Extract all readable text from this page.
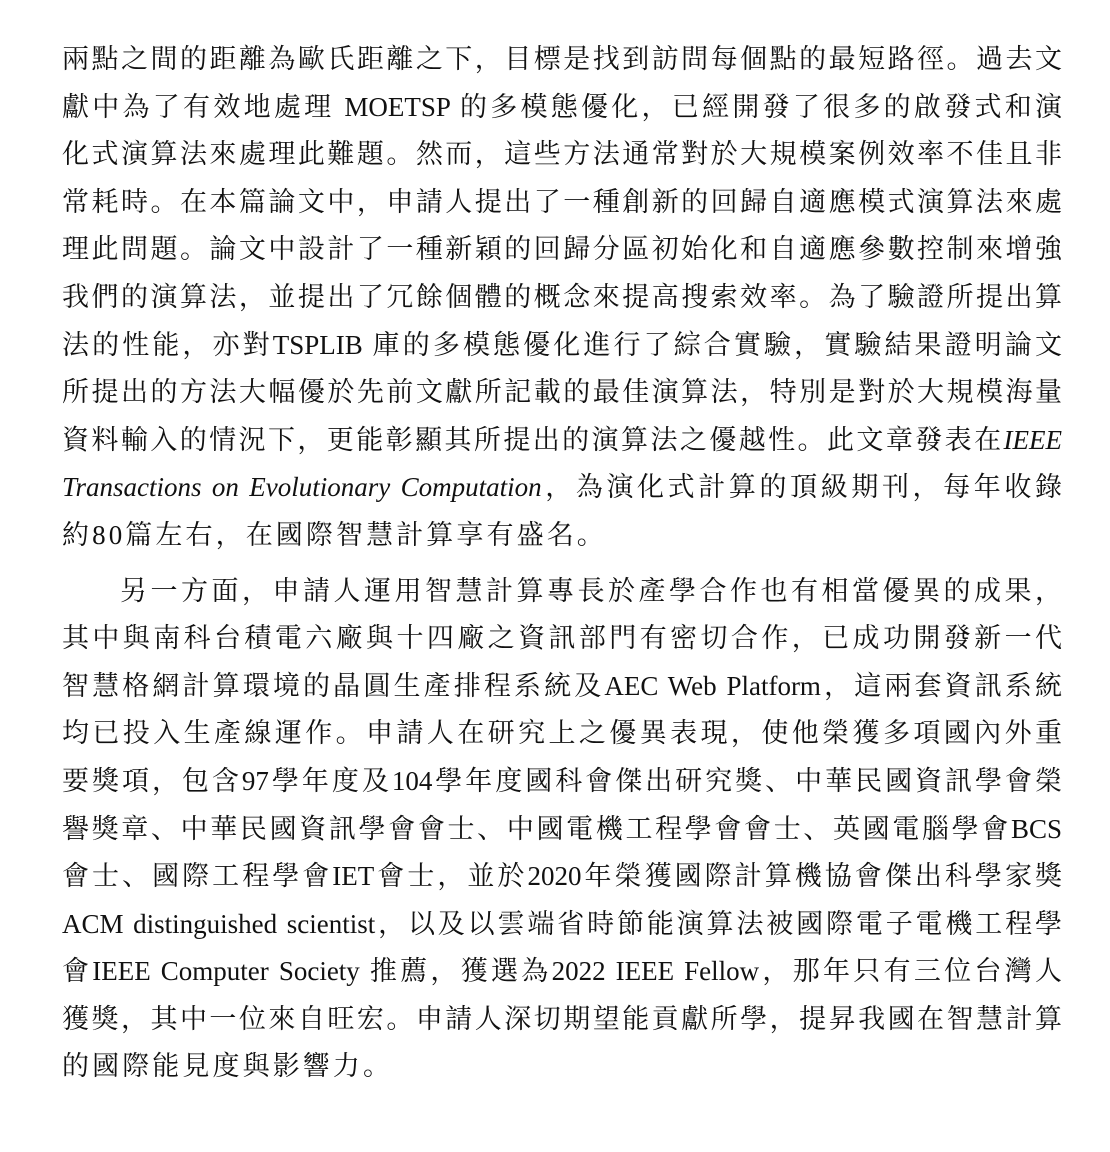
兩點之間的距離為歐氏距離之下，目標是找到訪問每個點的最短路徑。過去文
獻中為了有效地處理 MOETSP 的多模態優化，已經開發了很多的啟發式和演
化式演算法來處理此難題。然而，這些方法通常對於大規模案例效率不佳且非
常耗時。在本篇論文中，申請人提出了一種創新的回歸自適應模式演算法來處
理此問題。論文中設計了一種新穎的回歸分區初始化和自適應參數控制來增強
我們的演算法，並提出了冗餘個體的概念來提高搜索效率。為了驗證所提出算
法的性能，亦對TSPLIB 庫的多模態優化進行了綜合實驗，實驗結果證明論文
所提出的方法大幅優於先前文獻所記載的最佳演算法，特別是對於大規模海量
資料輸入的情況下，更能彰顯其所提出的演算法之優越性。此文章發表在IEEE
Transactions on Evolutionary Computation，為演化式計算的頂級期刊，每年收錄
約80篇左右，在國際智慧計算享有盛名。
另一方面，申請人運用智慧計算專長於產學合作也有相當優異的成果，
其中與南科台積電六廠與十四廠之資訊部門有密切合作，已成功開發新一代
智慧格網計算環境的晶圓生產排程系統及AEC Web Platform，這兩套資訊系統
均已投入生產線運作。申請人在研究上之優異表現，使他榮獲多項國內外重
要獎項，包含97學年度及104學年度國科會傑出研究獎、中華民國資訊學會榮
譽獎章、中華民國資訊學會會士、中國電機工程學會會士、英國電腦學會BCS
會士、國際工程學會IET會士，並於2020年榮獲國際計算機協會傑出科學家獎
ACM distinguished scientist，以及以雲端省時節能演算法被國際電子電機工程學
會IEEE Computer Society 推薦，獲選為2022 IEEE Fellow，那年只有三位台灣人
獲獎，其中一位來自旺宏。申請人深切期望能貢獻所學，提昇我國在智慧計算
的國際能見度與影響力。
